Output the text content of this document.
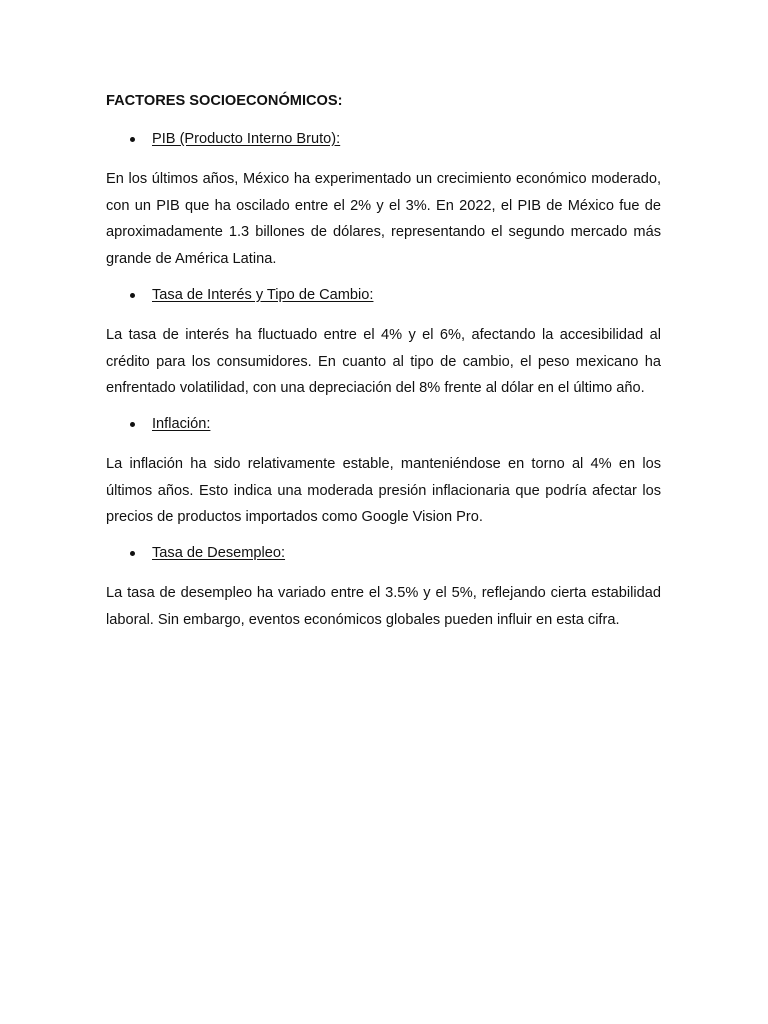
FACTORES SOCIOECONÓMICOS:
PIB (Producto Interno Bruto):
En los últimos años, México ha experimentado un crecimiento económico moderado, con un PIB que ha oscilado entre el 2% y el 3%. En 2022, el PIB de México fue de aproximadamente 1.3 billones de dólares, representando el segundo mercado más grande de América Latina.
Tasa de Interés y Tipo de Cambio:
La tasa de interés ha fluctuado entre el 4% y el 6%, afectando la accesibilidad al crédito para los consumidores. En cuanto al tipo de cambio, el peso mexicano ha enfrentado volatilidad, con una depreciación del 8% frente al dólar en el último año.
Inflación:
La inflación ha sido relativamente estable, manteniéndose en torno al 4% en los últimos años. Esto indica una moderada presión inflacionaria que podría afectar los precios de productos importados como Google Vision Pro.
Tasa de Desempleo:
La tasa de desempleo ha variado entre el 3.5% y el 5%, reflejando cierta estabilidad laboral. Sin embargo, eventos económicos globales pueden influir en esta cifra.
